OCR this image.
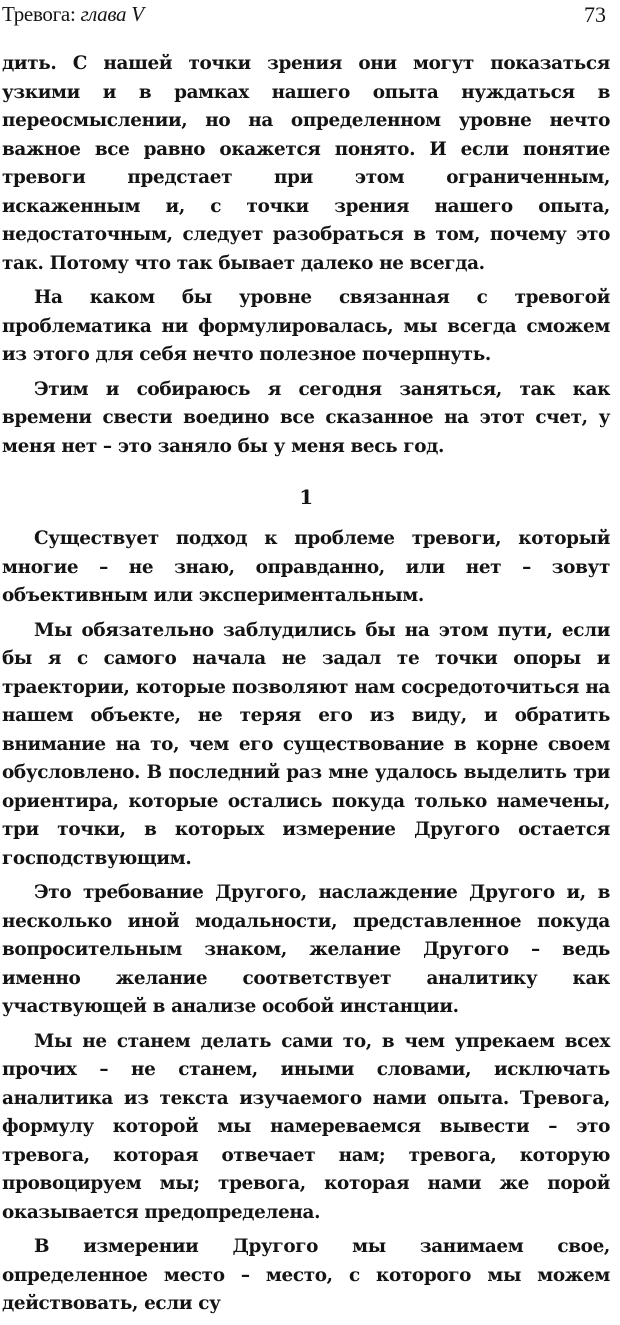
Тревога: глава V	73

дить. С нашей точки зрения они могут показаться узкими и в рамках нашего опыта нуждаться в переосмыслении, но на определенном уровне нечто важное все равно окажется понято. И если понятие тревоги предстает при этом ограниченным, искаженным и, с точки зрения нашего опыта, недостаточным, следует разобраться в том, почему это так. Потому что так бывает далеко не всегда.

На каком бы уровне связанная с тревогой проблематика ни формулировалась, мы всегда сможем из этого для себя нечто полезное почерпнуть.

Этим и собираюсь я сегодня заняться, так как времени свести воедино все сказанное на этот счет, у меня нет – это заняло бы у меня весь год.

1

Существует подход к проблеме тревоги, который многие – не знаю, оправданно, или нет – зовут объективным или экспериментальным.

Мы обязательно заблудились бы на этом пути, если бы я с самого начала не задал те точки опоры и траектории, которые позволяют нам сосредоточиться на нашем объекте, не теряя его из виду, и обратить внимание на то, чем его существование в корне своем обусловлено. В последний раз мне удалось выделить три ориентира, которые остались покуда только намечены, три точки, в которых измерение Другого остается господствующим.

Это требование Другого, наслаждение Другого и, в несколько иной модальности, представленное покуда вопросительным знаком, желание Другого – ведь именно желание соответствует аналитику как участвующей в анализе особой инстанции.

Мы не станем делать сами то, в чем упрекаем всех прочих – не станем, иными словами, исключать аналитика из текста изучаемого нами опыта. Тревога, формулу которой мы намереваемся вывести – это тревога, которая отвечает нам; тревога, которую провоцируем мы; тревога, которая нами же порой оказывается предопределена.

В измерении Другого мы занимаем свое, определенное место – место, с которого мы можем действовать, если су
